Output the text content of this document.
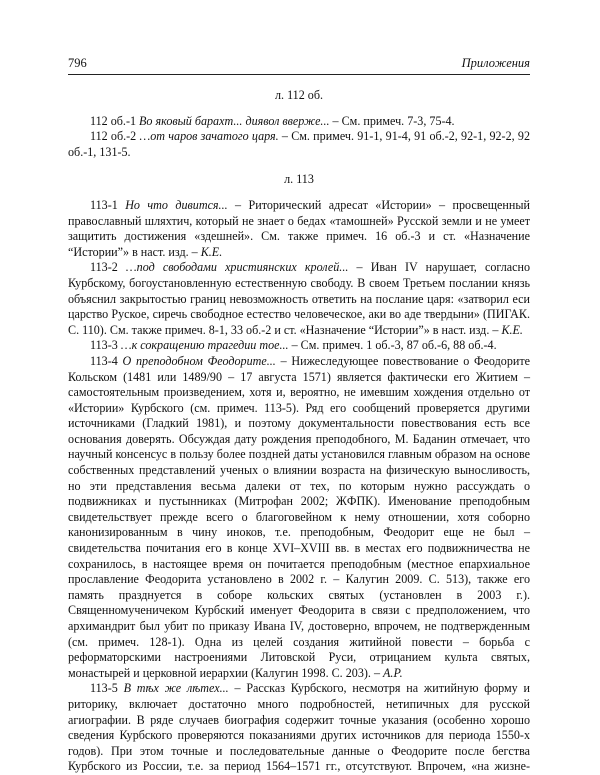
796	Приложения

л. 112 об.

112 об.-1 Во яковый барахт... диявол вверже... – См. примеч. 7-3, 75-4.

112 об.-2 …от чаров зачатого царя. – См. примеч. 91-1, 91-4, 91 об.-2, 92-1, 92-2, 92 об.-1, 131-5.

л. 113

113-1 Но что дивится... – Риторический адресат «Истории» – просвещенный православный шляхтич, который не знает о бедах «тамошней» Русской земли и не умеет защитить достижения «здешней». См. также примеч. 16 об.-3 и ст. «Назначение “Истории”» в наст. изд. – К.Е.

113-2 …под свободами християнских кролей... – Иван IV нарушает, согласно Курбскому, богоустановленную естественную свободу. В своем Третьем послании князь объяснил закрытостью границ невозможность ответить на послание царя: «затворил еси царство Руское, сиречь свободное естество человеческое, аки во аде твердыни» (ПИГАК. С. 110). См. также примеч. 8-1, 33 об.-2 и ст. «Назначение “Истории”» в наст. изд. – К.Е.

113-3 …к сокращению трагедии тое... – См. примеч. 1 об.-3, 87 об.-6, 88 об.-4.

113-4 О преподобном Феодорите... – Нижеследующее повествование о Феодорите Кольском (1481 или 1489/90 – 17 августа 1571) является фактически его Житием – самостоятельным произведением, хотя и, вероятно, не имевшим хождения отдельно от «Истории» Курбского (см. примеч. 113-5). Ряд его сообщений проверяется другими источниками (Гладкий 1981), и поэтому документальности повествования есть все основания доверять. Обсуждая дату рождения преподобного, М. Баданин отмечает, что научный консенсус в пользу более поздней даты установился главным образом на основе собственных представлений ученых о влиянии возраста на физическую выносливость, но эти представления весьма далеки от тех, по которым нужно рассуждать о подвижниках и пустынниках (Митрофан 2002; ЖФПК). Именование преподобным свидетельствует прежде всего о благоговейном к нему отношении, хотя соборно канонизированным в чину иноков, т.е. преподобным, Феодорит еще не был – свидетельства почитания его в конце XVI–XVIII вв. в местах его подвижничества не сохранилось, в настоящее время он почитается преподобным (местное епархиальное прославление Феодорита установлено в 2002 г. – Калугин 2009. С. 513), также его память празднуется в соборе кольских святых (установлен в 2003 г.). Священномученичеком Курбский именует Феодорита в связи с предположением, что архимандрит был убит по приказу Ивана IV, достоверно, впрочем, не подтвержденным (см. примеч. 128-1). Одна из целей создания житийной повести – борьба с реформаторскими настроениями Литовской Руси, отрицанием культа святых, монастырей и церковной иерархии (Калугин 1998. С. 203). – А.Р.

113-5 В тѣх же лѣтех... – Рассказ Курбского, несмотря на житийную форму и риторику, включает достаточно много подробностей, нетипичных для русской агиографии. В ряде случаев биография содержит точные указания (особенно хорошо сведения Курбского проверяются показаниями других источников для периода 1550-х годов). При этом точные и последовательные данные о Феодорите после бегства Курбского из России, т.е. за период 1564–1571 гг., отсутствуют. Впрочем, «на жизне-
